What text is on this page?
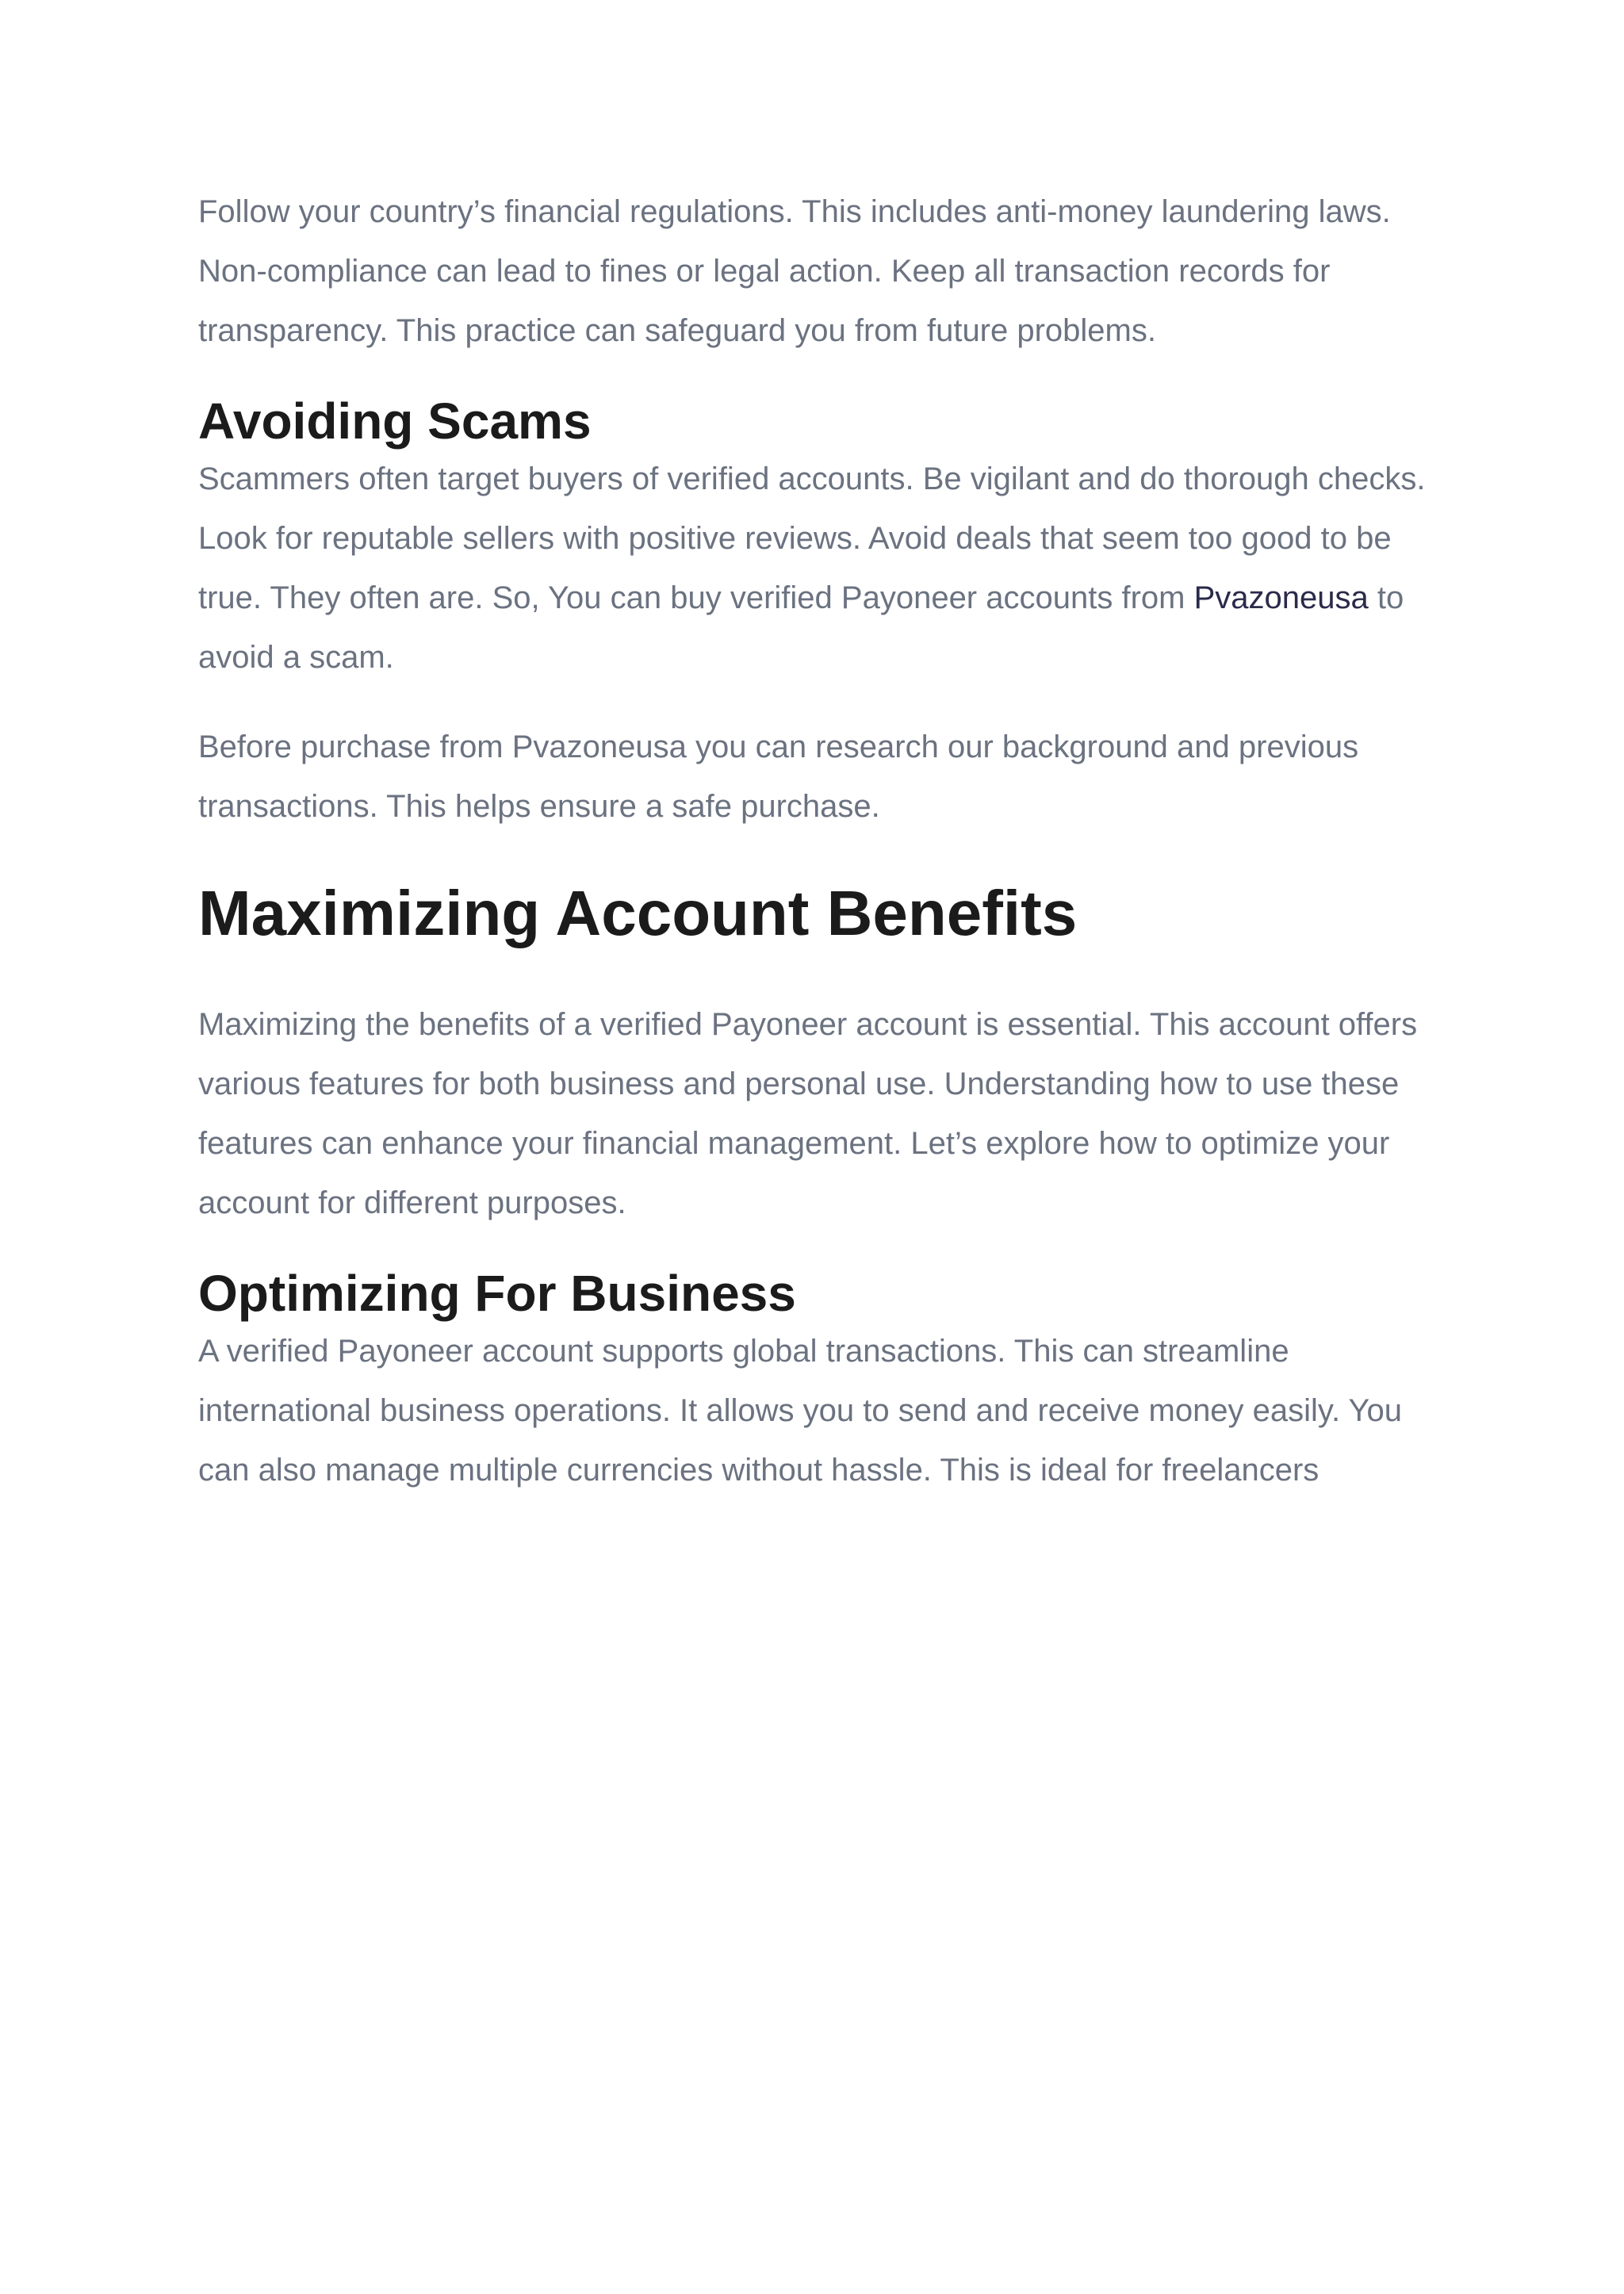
Follow your country’s financial regulations. This includes anti-money laundering laws. Non-compliance can lead to fines or legal action. Keep all transaction records for transparency. This practice can safeguard you from future problems.

Avoiding Scams

Scammers often target buyers of verified accounts. Be vigilant and do thorough checks. Look for reputable sellers with positive reviews. Avoid deals that seem too good to be true. They often are. So, You can buy verified Payoneer accounts from Pvazoneusa to avoid a scam.

Before purchase from Pvazoneusa you can research our background and previous transactions. This helps ensure a safe purchase.

Maximizing Account Benefits

Maximizing the benefits of a verified Payoneer account is essential. This account offers various features for both business and personal use. Understanding how to use these features can enhance your financial management. Let’s explore how to optimize your account for different purposes.

Optimizing For Business

A verified Payoneer account supports global transactions. This can streamline international business operations. It allows you to send and receive money easily. You can also manage multiple currencies without hassle. This is ideal for freelancers
